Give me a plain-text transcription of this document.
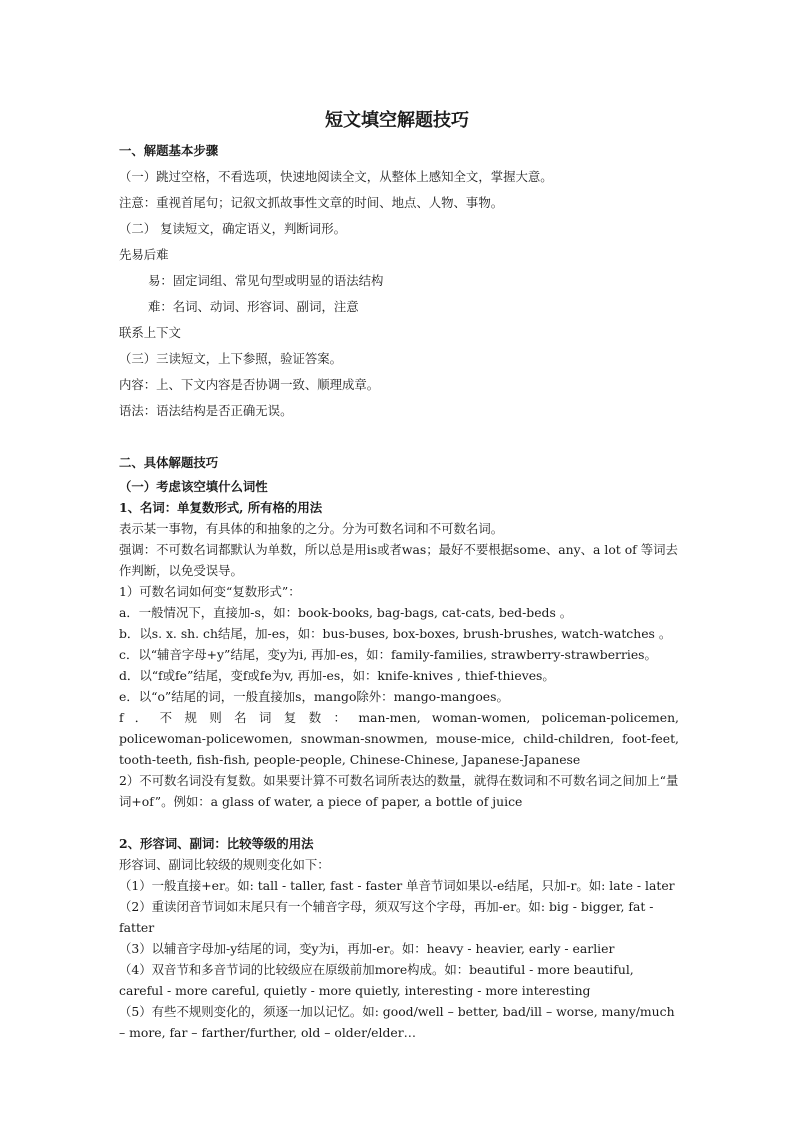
短文填空解题技巧

一、解题基本步骤

（一）跳过空格，不看选项，快速地阅读全文，从整体上感知全文，掌握大意。

注意：重视首尾句；记叙文抓故事性文章的时间、地点、人物、事物。

（二） 复读短文，确定语义，判断词形。

先易后难

易：固定词组、常见句型或明显的语法结构

难：名词、动词、形容词、副词，注意

联系上下文

（三）三读短文，上下参照，验证答案。

内容：上、下文内容是否协调一致、顺理成章。

语法：语法结构是否正确无误。

二、具体解题技巧

（一）考虑该空填什么词性

1、名词：单复数形式, 所有格的用法

表示某一事物，有具体的和抽象的之分。分为可数名词和不可数名词。

强调：不可数名词都默认为单数，所以总是用is或者was；最好不要根据some、any、a lot of 等词去作判断，以免受误导。

1）可数名词如何变“复数形式”：

a．一般情况下，直接加-s，如：book-books, bag-bags, cat-cats, bed-beds 。

b．以s. x. sh. ch结尾，加-es，如：bus-buses, box-boxes, brush-brushes, watch-watches 。

c．以“辅音字母+y”结尾，变y为i, 再加-es，如：family-families, strawberry-strawberries。

d．以“f或fe”结尾，变f或fe为v, 再加-es，如：knife-knives , thief-thieves。

e．以“o”结尾的词，一般直接加s，mango除外：mango-mangoes。

f ． 不 规 则 名 词 复 数 ： man-men, woman-women, policeman-policemen,

policewoman-policewomen, snowman-snowmen, mouse-mice, child-children, foot-feet,

tooth-teeth, fish-fish, people-people, Chinese-Chinese, Japanese-Japanese

2）不可数名词没有复数。如果要计算不可数名词所表达的数量，就得在数词和不可数名词之间加上“量词+of”。例如：a glass of water, a piece of paper, a bottle of juice

2、形容词、副词：比较等级的用法

形容词、副词比较级的规则变化如下：

（1）一般直接+er。如: tall - taller, fast - faster 单音节词如果以-e结尾，只加-r。如: late - later

（2）重读闭音节词如末尾只有一个辅音字母，须双写这个字母，再加-er。如: big - bigger, fat - fatter

（3）以辅音字母加-y结尾的词，变y为i，再加-er。如：heavy - heavier, early - earlier

（4）双音节和多音节词的比较级应在原级前加more构成。如：beautiful - more beautiful, careful - more careful, quietly - more quietly, interesting - more interesting

（5）有些不规则变化的，须逐一加以记忆。如: good/well – better, bad/ill – worse, many/much – more, far – farther/further, old – older/elder…
